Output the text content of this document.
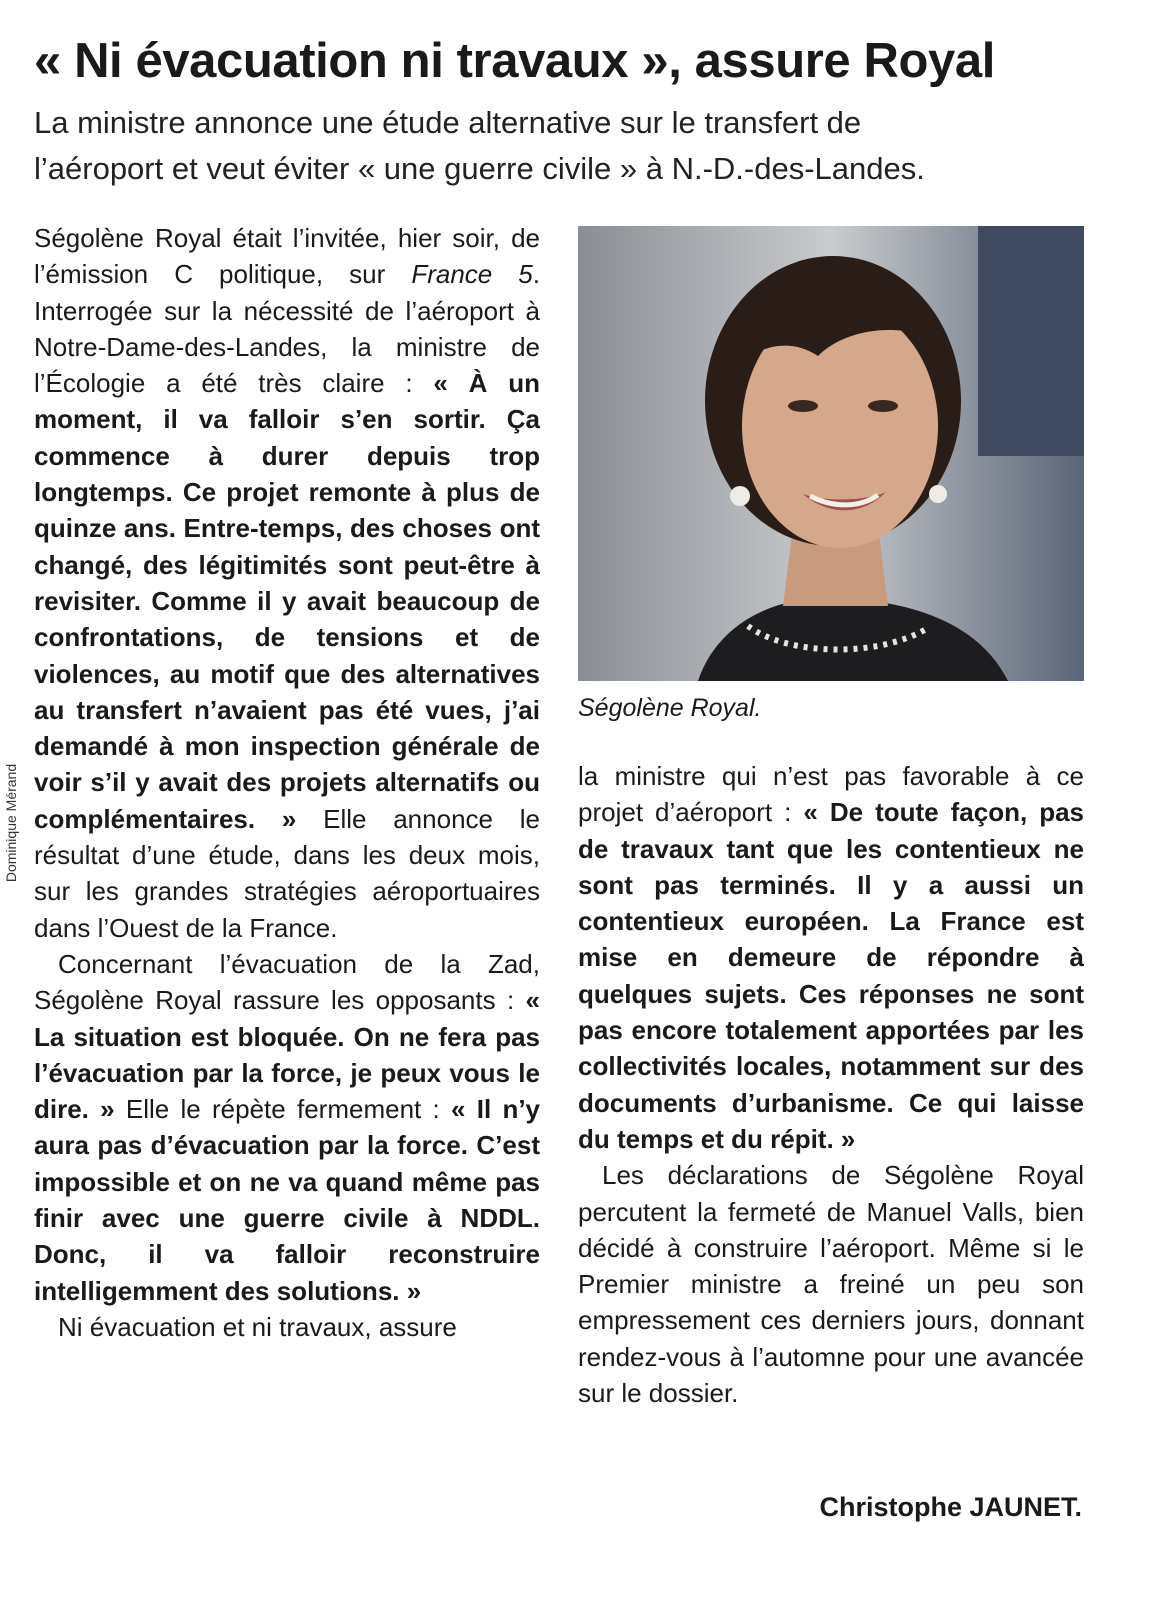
« Ni évacuation ni travaux », assure Royal
La ministre annonce une étude alternative sur le transfert de
l’aéroport et veut éviter « une guerre civile » à N.-D.-des-Landes.

Ségolène Royal était l’invitée, hier soir, de l’émission C politique, sur France 5. Interrogée sur la nécessité de l’aéroport à Notre-Dame-des-Landes, la ministre de l’Écologie a été très claire : « À un moment, il va falloir s’en sortir. Ça commence à durer depuis trop longtemps. Ce projet remonte à plus de quinze ans. Entre-temps, des choses ont changé, des légitimités sont peut-être à revisiter. Comme il y avait beaucoup de confrontations, de tensions et de violences, au motif que des alternatives au transfert n’avaient pas été vues, j’ai demandé à mon inspection générale de voir s’il y avait des projets alternatifs ou complémentaires. » Elle annonce le résultat d’une étude, dans les deux mois, sur les grandes stratégies aéroportuaires dans l’Ouest de la France.

Concernant l’évacuation de la Zad, Ségolène Royal rassure les opposants : « La situation est bloquée. On ne fera pas l’évacuation par la force, je peux vous le dire. » Elle le répète fermement : « Il n’y aura pas d’évacuation par la force. C’est impossible et on ne va quand même pas finir avec une guerre civile à NDDL. Donc, il va falloir reconstruire intelligemment des solutions. »

Ni évacuation et ni travaux, assure

Ségolène Royal.

Dominique Mérand	la ministre qui n’est pas favorable à ce projet d’aéroport : « De toute façon, pas de travaux tant que les contentieux ne sont pas terminés. Il y a aussi un contentieux européen. La France est mise en demeure de répondre à quelques sujets. Ces réponses ne sont pas encore totalement apportées par les collectivités locales, notamment sur des documents d’urbanisme. Ce qui laisse du temps et du répit. »

Les déclarations de Ségolène Royal percutent la fermeté de Manuel Valls, bien décidé à construire l’aéroport. Même si le Premier ministre a freiné un peu son empressement ces derniers jours, donnant rendez-vous à l’automne pour une avancée sur le dossier.

Christophe JAUNET.
